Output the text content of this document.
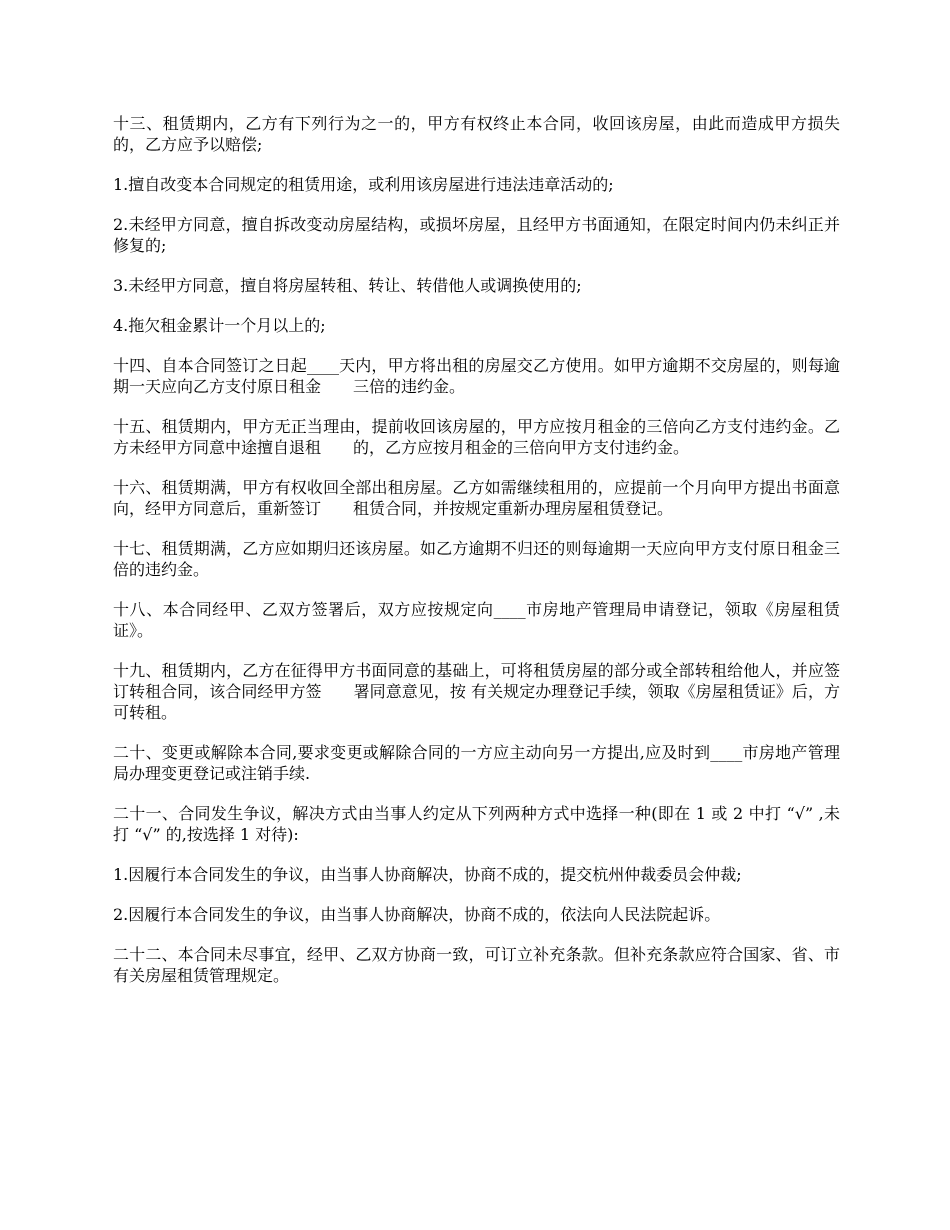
十三、租赁期内，乙方有下列行为之一的，甲方有权终止本合同，收回该房屋，由此而造成甲方损失的，乙方应予以赔偿;

1.擅自改变本合同规定的租赁用途，或利用该房屋进行违法违章活动的;

2.未经甲方同意，擅自拆改变动房屋结构，或损坏房屋，且经甲方书面通知，在限定时间内仍未纠正并修复的;

3.未经甲方同意，擅自将房屋转租、转让、转借他人或调换使用的;

4.拖欠租金累计一个月以上的;

十四、自本合同签订之日起____天内，甲方将出租的房屋交乙方使用。如甲方逾期不交房屋的，则每逾期一天应向乙方支付原日租金　　三倍的违约金。

十五、租赁期内，甲方无正当理由，提前收回该房屋的，甲方应按月租金的三倍向乙方支付违约金。乙方未经甲方同意中途擅自退租　　的，乙方应按月租金的三倍向甲方支付违约金。

十六、租赁期满，甲方有权收回全部出租房屋。乙方如需继续租用的，应提前一个月向甲方提出书面意向，经甲方同意后，重新签订　　租赁合同，并按规定重新办理房屋租赁登记。

十七、租赁期满，乙方应如期归还该房屋。如乙方逾期不归还的则每逾期一天应向甲方支付原日租金三倍的违约金。

十八、本合同经甲、乙双方签署后，双方应按规定向____市房地产管理局申请登记，领取《房屋租赁证》。

十九、租赁期内，乙方在征得甲方书面同意的基础上，可将租赁房屋的部分或全部转租给他人，并应签订转租合同，该合同经甲方签　　署同意意见，按 有关规定办理登记手续，领取《房屋租赁证》后，方可转租。

二十、变更或解除本合同,要求变更或解除合同的一方应主动向另一方提出,应及时到____市房地产管理局办理变更登记或注销手续.

二十一、合同发生争议，解决方式由当事人约定从下列两种方式中选择一种(即在 1 或 2 中打 “√” ,未打 “√” 的,按选择 1 对待):

1.因履行本合同发生的争议，由当事人协商解决，协商不成的，提交杭州仲裁委员会仲裁;

2.因履行本合同发生的争议，由当事人协商解决，协商不成的，依法向人民法院起诉。

二十二、本合同未尽事宜，经甲、乙双方协商一致，可订立补充条款。但补充条款应符合国家、省、市有关房屋租赁管理规定。
